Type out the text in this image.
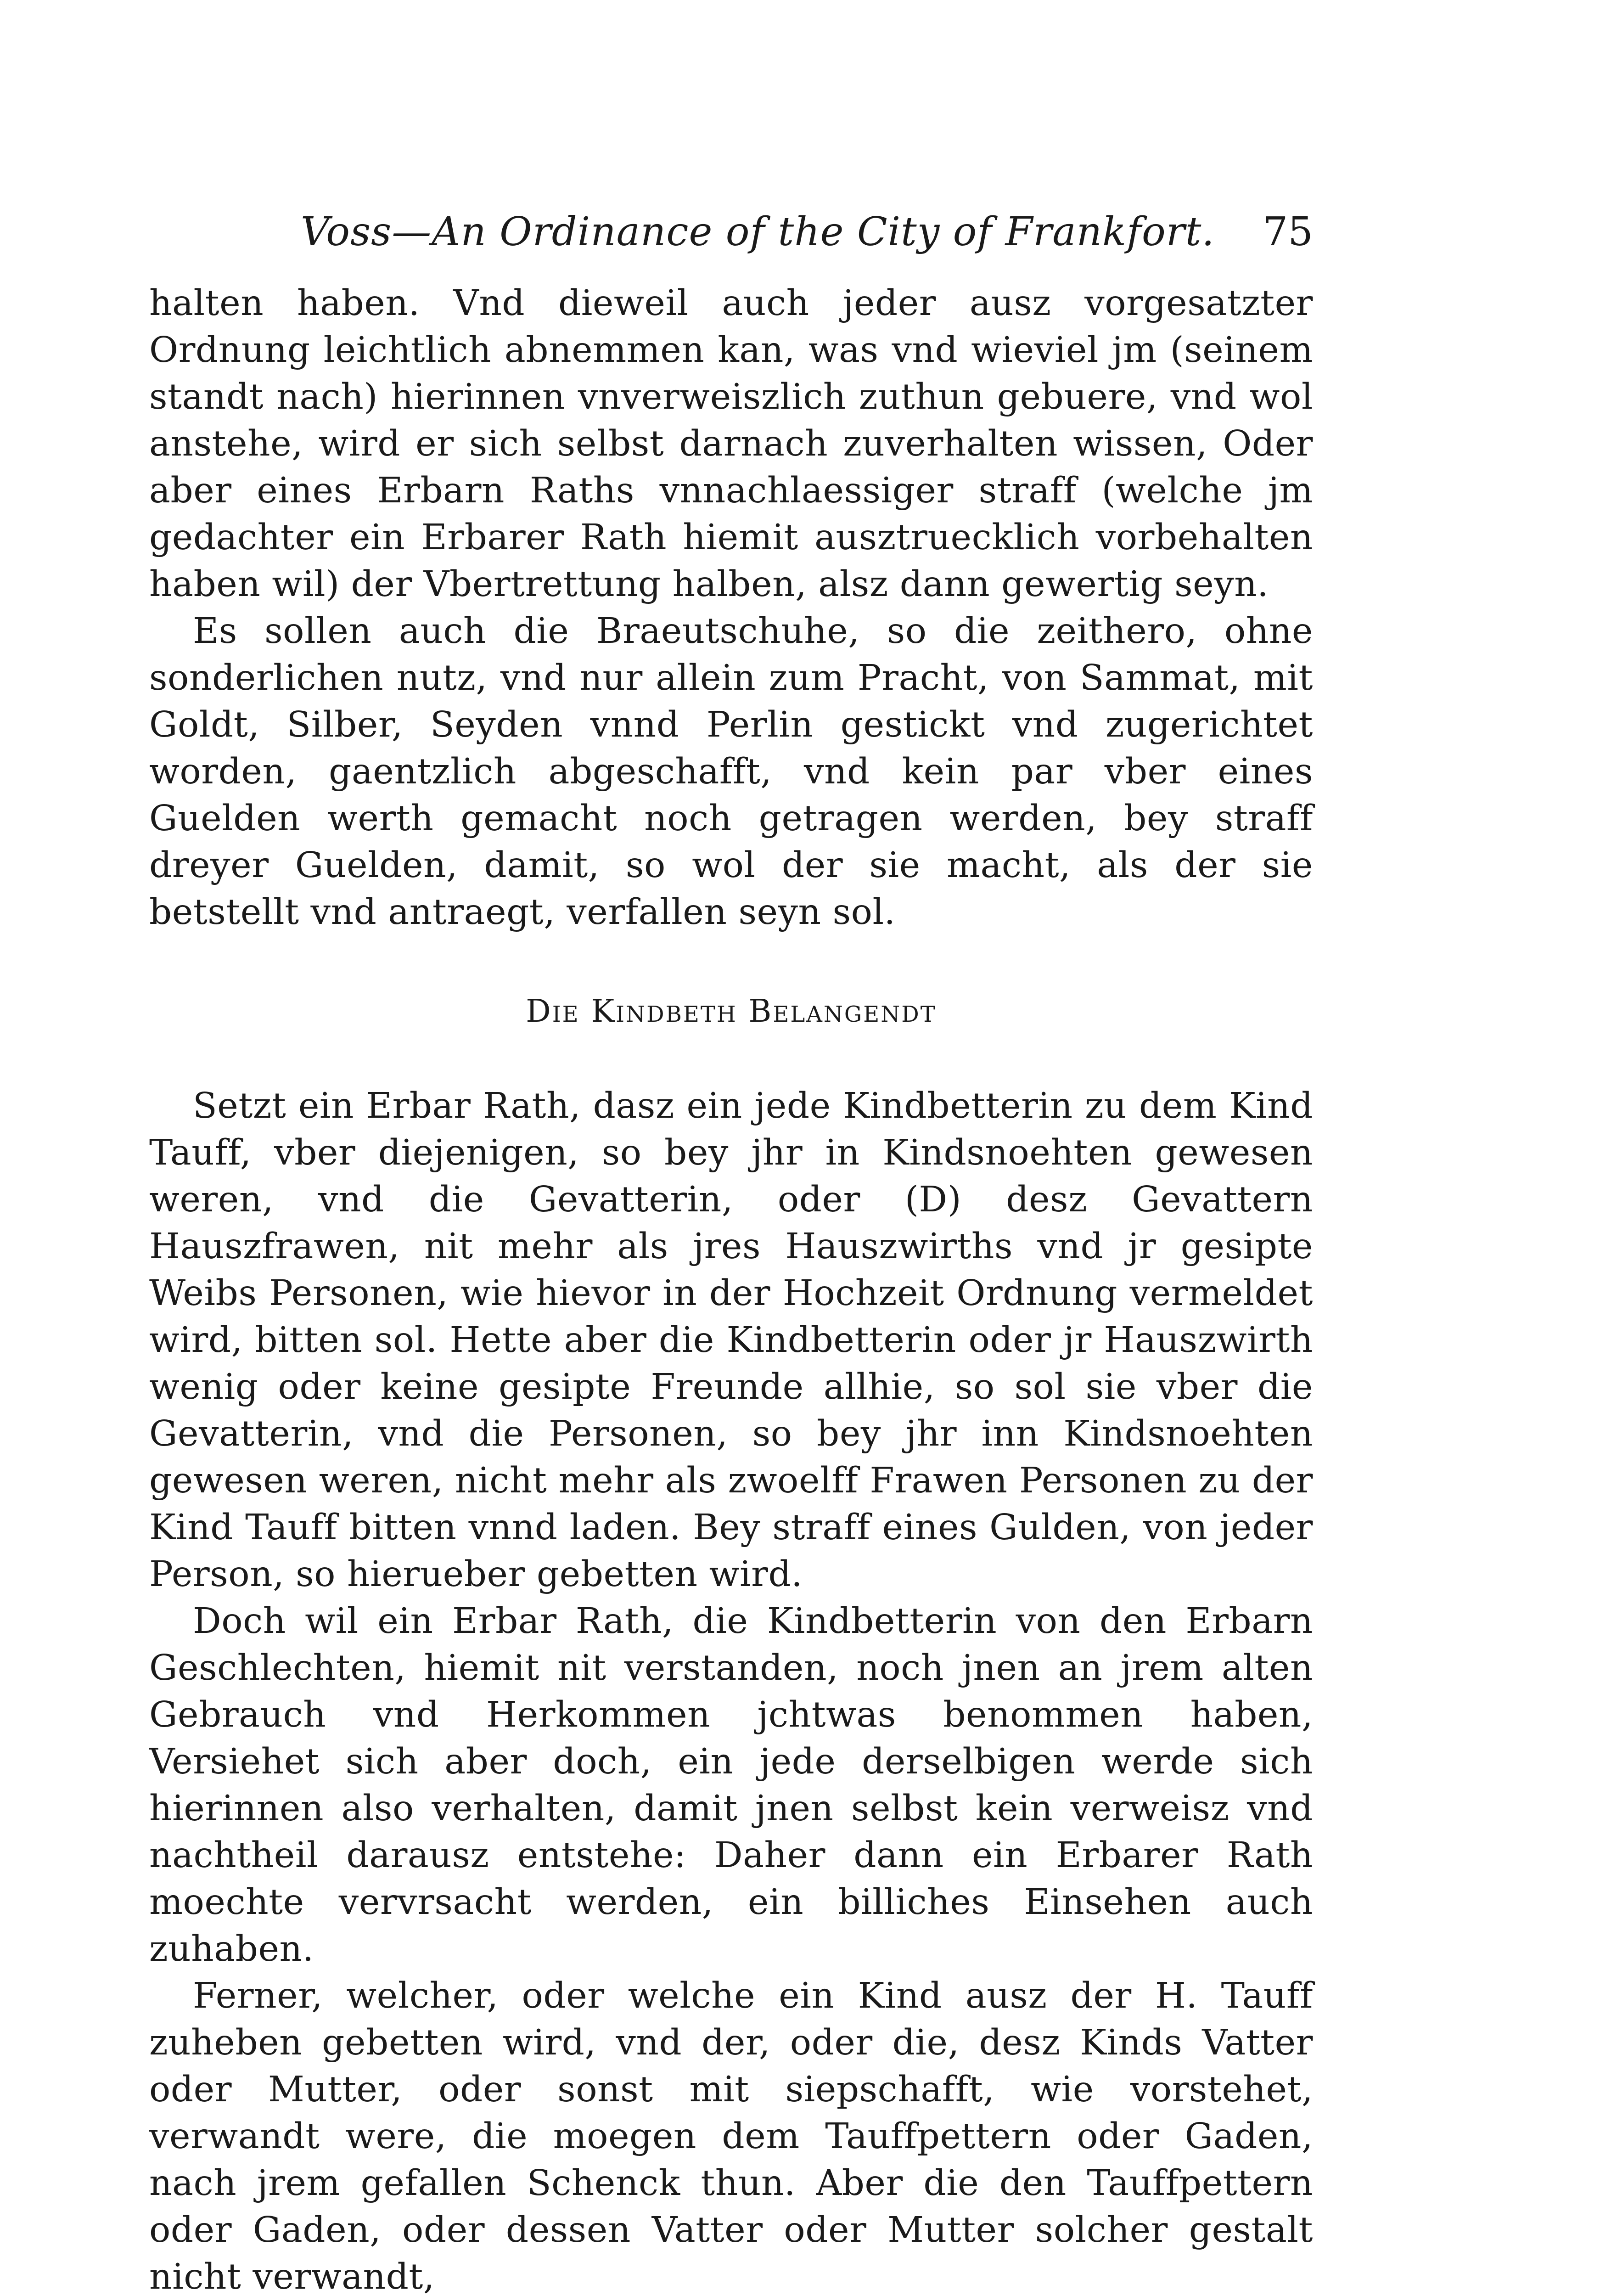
Voss—An Ordinance of the City of Frankfort. 75

halten haben. Vnd dieweil auch jeder ausz vorgesatzter Ordnung leichtlich abnemmen kan, was vnd wieviel jm (seinem standt nach) hierinnen vnverweiszlich zuthun gebuere, vnd wol anstehe, wird er sich selbst darnach zuverhalten wissen, Oder aber eines Erbarn Raths vnnachlaessiger straff (welche jm gedachter ein Erbarer Rath hiemit ausztruecklich vorbehalten haben wil) der Vbertrettung halben, alsz dann gewertig seyn.

Es sollen auch die Braeutschuhe, so die zeithero, ohne sonderlichen nutz, vnd nur allein zum Pracht, von Sammat, mit Goldt, Silber, Seyden vnnd Perlin gestickt vnd zugerichtet worden, gaentzlich abgeschafft, vnd kein par vber eines Guelden werth gemacht noch getragen werden, bey straff dreyer Guelden, damit, so wol der sie macht, als der sie betstellt vnd antraegt, verfallen seyn sol.

Die Kindbeth Belangendt

Setzt ein Erbar Rath, dasz ein jede Kindbetterin zu dem Kind Tauff, vber diejenigen, so bey jhr in Kindsnoehten gewesen weren, vnd die Gevatterin, oder (D) desz Gevattern Hauszfrawen, nit mehr als jres Hauszwirths vnd jr gesipte Weibs Personen, wie hievor in der Hochzeit Ordnung vermeldet wird, bitten sol. Hette aber die Kindbetterin oder jr Hauszwirth wenig oder keine gesipte Freunde allhie, so sol sie vber die Gevatterin, vnd die Personen, so bey jhr inn Kindsnoehten gewesen weren, nicht mehr als zwoelff Frawen Personen zu der Kind Tauff bitten vnnd laden. Bey straff eines Gulden, von jeder Person, so hierueber gebetten wird.

Doch wil ein Erbar Rath, die Kindbetterin von den Erbarn Geschlechten, hiemit nit verstanden, noch jnen an jrem alten Gebrauch vnd Herkommen jchtwas benommen haben, Versiehet sich aber doch, ein jede derselbigen werde sich hierinnen also verhalten, damit jnen selbst kein verweisz vnd nachtheil darausz entstehe: Daher dann ein Erbarer Rath moechte vervrsacht werden, ein billiches Einsehen auch zuhaben.

Ferner, welcher, oder welche ein Kind ausz der H. Tauff zuheben gebetten wird, vnd der, oder die, desz Kinds Vatter oder Mutter, oder sonst mit siepschafft, wie vorstehet, verwandt were, die moegen dem Tauffpettern oder Gaden, nach jrem gefallen Schenck thun. Aber die den Tauffpettern oder Gaden, oder dessen Vatter oder Mutter solcher gestalt nicht verwandt,
